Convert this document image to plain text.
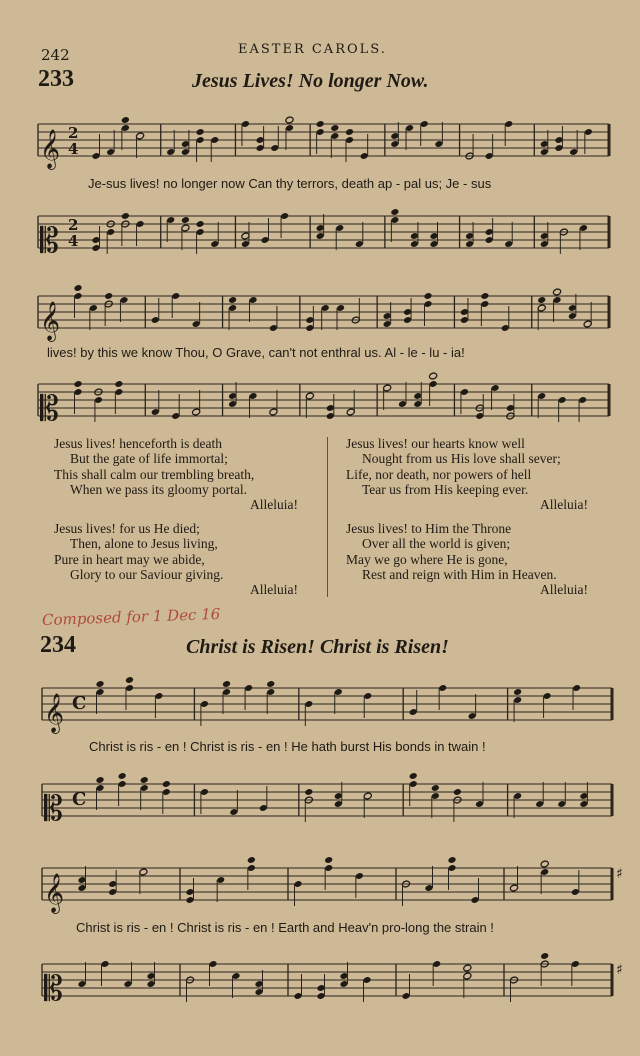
242	EASTER CAROLS.
233	Jesus Lives! No longer Now.
𝄞 2
4
Je-sus lives! no longer now Can thy terrors, death ap - pal us; Je - sus
𝄡 2
4
𝄞
lives! by this we know Thou, O Grave, can't not enthral us. Al - le - lu - ia!
𝄡
Jesus lives! henceforth is death
But the gate of life immortal;
This shall calm our trembling breath,
When we pass its gloomy portal.
Alleluia!
Jesus lives! our hearts know well
Nought from us His love shall sever;
Life, nor death, nor powers of hell
Tear us from His keeping ever.
Alleluia!
Jesus lives! for us He died;
Then, alone to Jesus living,
Pure in heart may we abide,
Glory to our Saviour giving.
Alleluia!
Jesus lives! to Him the Throne
Over all the world is given;
May we go where He is gone,
Rest and reign with Him in Heaven.
Alleluia!
Composed for 1 Dec 16
234	Christ is Risen! Christ is Risen!
𝄞 C
Christ is ris - en ! Christ is ris - en ! He hath burst His bonds in twain !
𝄡 C
𝄞	♯
Christ is ris - en ! Christ is ris - en ! Earth and Heav'n pro-long the strain !
𝄡	♯
